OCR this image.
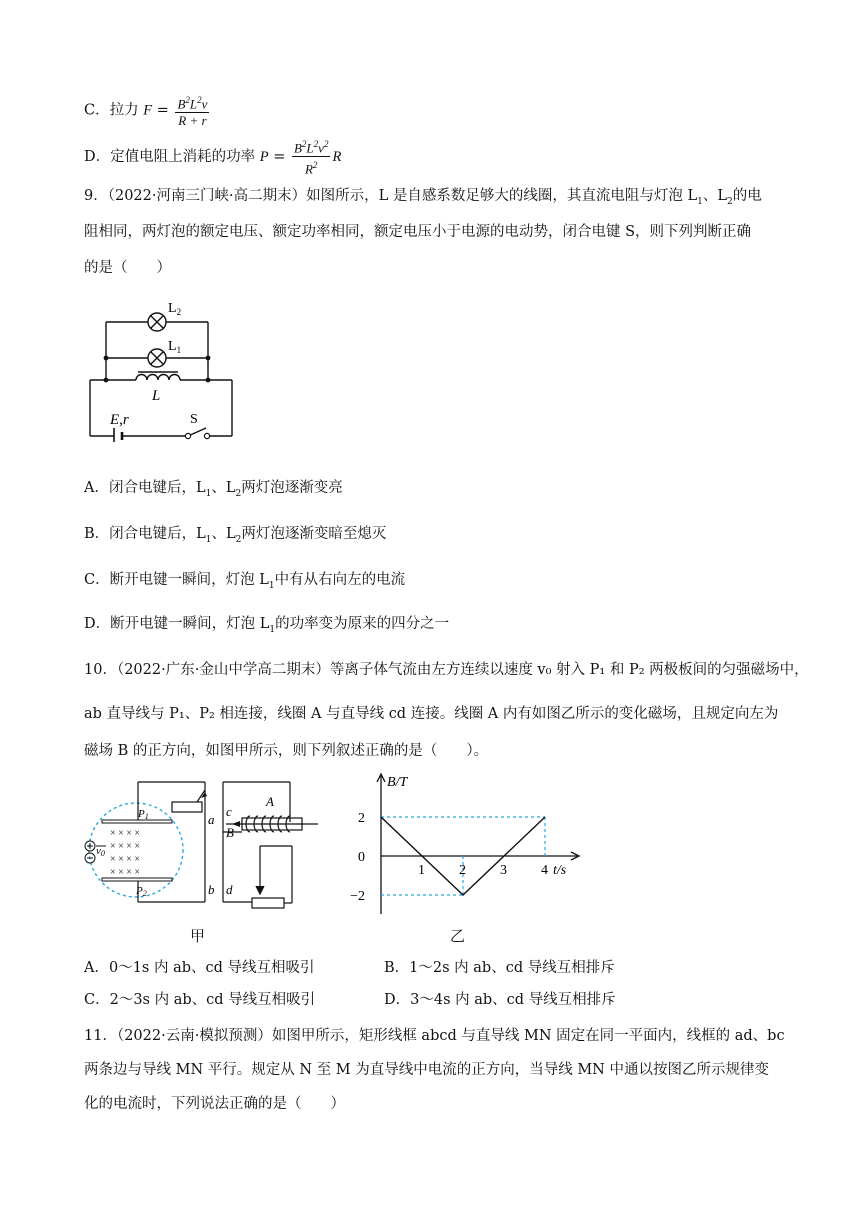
C．拉力 $F = \frac{B^2L^2v}{R + r}$
D．定值电阻上消耗的功率 $P = \frac{B^2L^2v^2}{R^2}$ R
9．（2022·河南三门峡·高二期末）如图所示，L 是自感系数足够大的线圈，其直流电阻与灯泡 $L_1$、$L_2$的电
阻相同，两灯泡的额定电压、额定功率相同，额定电压小于电源的电动势，闭合电键 S，则下列判断正确
的是（　　）
$L_2$
$L_1$
L
E,r	S
A．闭合电键后，$L_1$、$L_2$两灯泡逐渐变亮
B．闭合电键后，$L_1$、$L_2$两灯泡逐渐变暗至熄灭
C．断开电键一瞬间，灯泡 $L_1$中有从右向左的电流
D．断开电键一瞬间，灯泡 $L_1$的功率变为原来的四分之一
10．（2022·广东·金山中学高二期末）等离子体气流由左方连续以速度 v₀ 射入 P₁ 和 P₂ 两极板间的匀强磁场中，
ab 直导线与 P₁、P₂ 相连接，线圈 A 与直导线 cd 连接。线圈 A 内有如图乙所示的变化磁场，且规定向左为
磁场 B 的正方向，如图甲所示，则下列叙述正确的是（　　）。
P1
P2
× × × ×
× × × ×
× × × ×
× × × ×
v0
a
b
c
B
A
d
甲
2
0
−2
1 2 3 4
B/T
t/s
乙
A．0～1s 内 ab、cd 导线互相吸引	B．1～2s 内 ab、cd 导线互相排斥
C．2～3s 内 ab、cd 导线互相吸引	D．3～4s 内 ab、cd 导线互相排斥
11．（2022·云南·模拟预测）如图甲所示，矩形线框 abcd 与直导线 MN 固定在同一平面内，线框的 ad、bc
两条边与导线 MN 平行。规定从 N 至 M 为直导线中电流的正方向，当导线 MN 中通以按图乙所示规律变
化的电流时，下列说法正确的是（　　）
